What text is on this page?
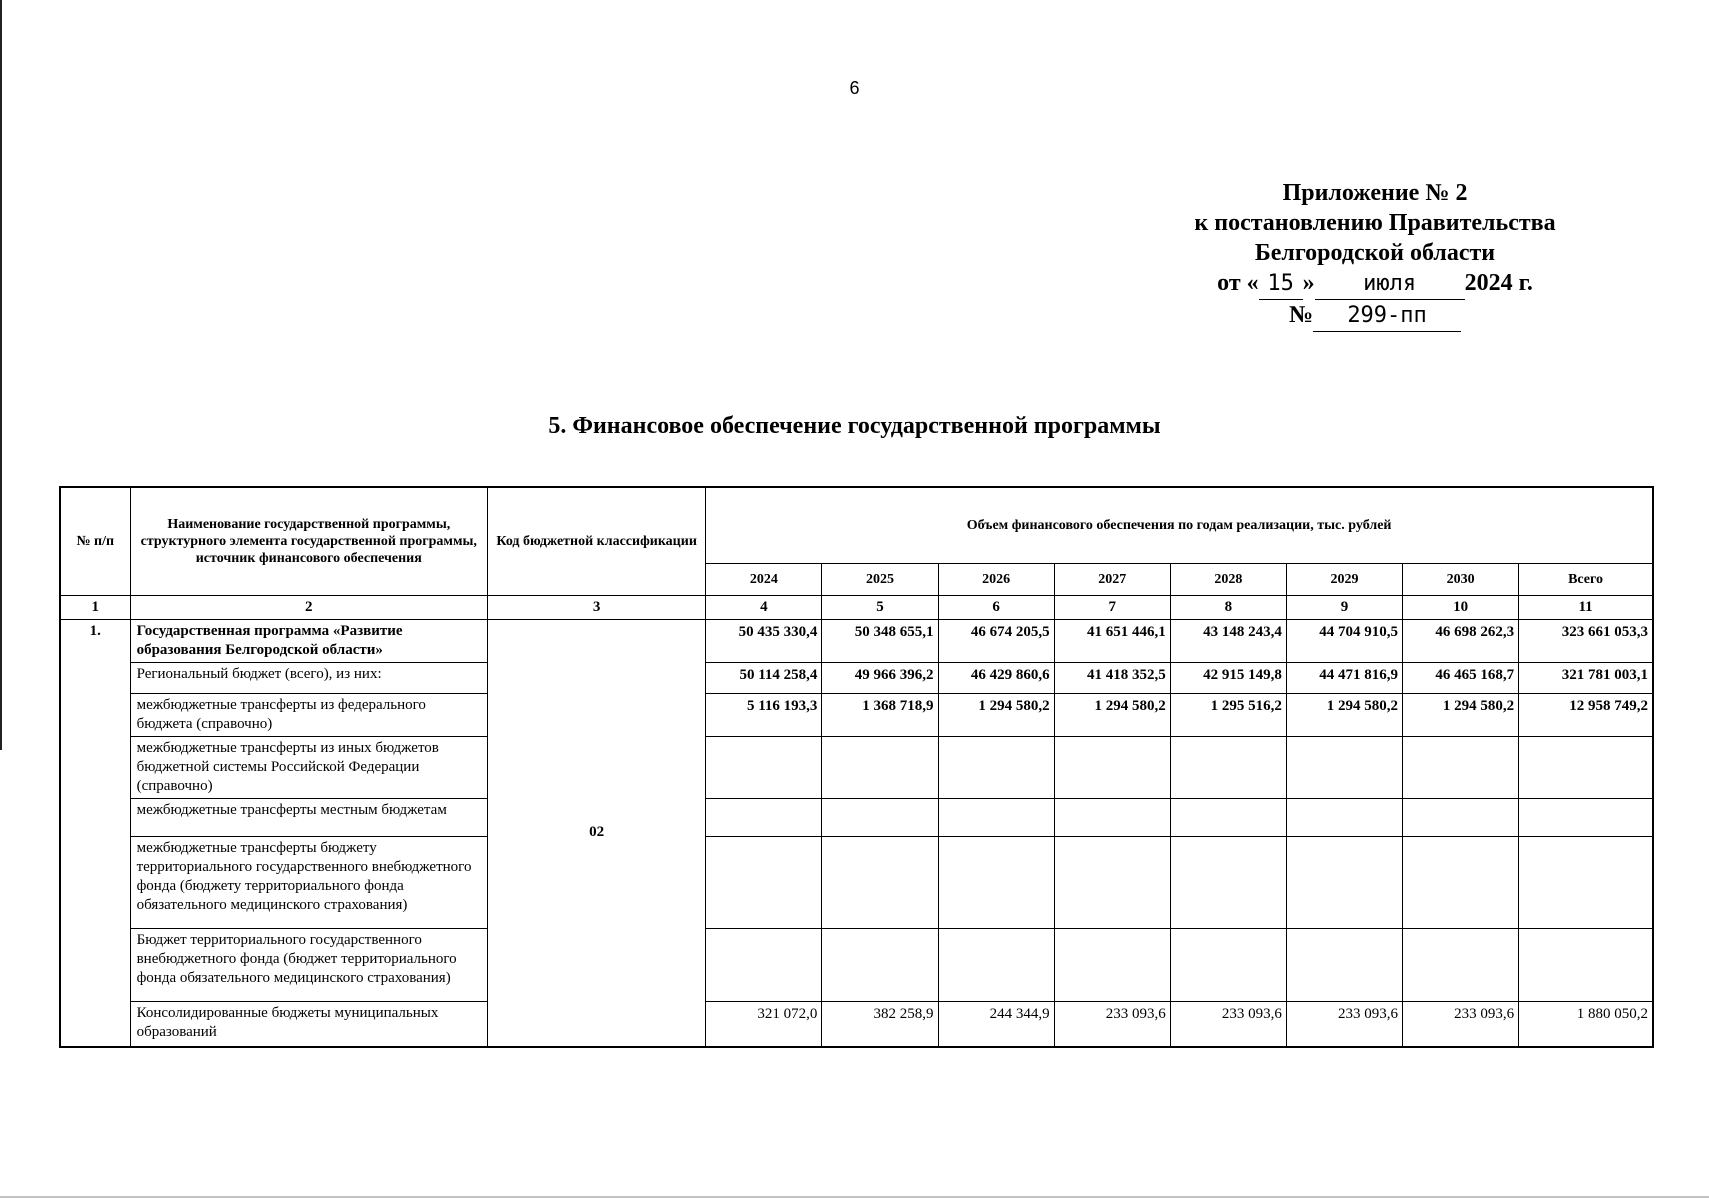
6
Приложение № 2
к постановлению Правительства
Белгородской области
от « 15 » июля 2024 г.
№ 299-пп
5. Финансовое обеспечение государственной программы
№ п/п	Наименование государственной программы, структурного элемента государственной программы, источник финансового обеспечения	Код бюджетной классификации	Объем финансового обеспечения по годам реализации, тыс. рублей							
			2024	2025	2026	2027	2028	2029	2030	Всего
1	2	3	4	5	6	7	8	9	10	11
1.	Государственная программа «Развитие образования Белгородской области»	02	50 435 330,4	50 348 655,1	46 674 205,5	41 651 446,1	43 148 243,4	44 704 910,5	46 698 262,3	323 661 053,3
	Региональный бюджет (всего), из них:		50 114 258,4	49 966 396,2	46 429 860,6	41 418 352,5	42 915 149,8	44 471 816,9	46 465 168,7	321 781 003,1
	межбюджетные трансферты из федерального бюджета (справочно)		5 116 193,3	1 368 718,9	1 294 580,2	1 294 580,2	1 295 516,2	1 294 580,2	1 294 580,2	12 958 749,2
	межбюджетные трансферты из иных бюджетов бюджетной системы Российской Федерации (справочно)									
	межбюджетные трансферты местным бюджетам									
	межбюджетные трансферты бюджету территориального государственного внебюджетного фонда (бюджету территориального фонда обязательного медицинского страхования)									
	Бюджет территориального государственного внебюджетного фонда (бюджет территориального фонда обязательного медицинского страхования)									
	Консолидированные бюджеты муниципальных образований		321 072,0	382 258,9	244 344,9	233 093,6	233 093,6	233 093,6	233 093,6	1 880 050,2
